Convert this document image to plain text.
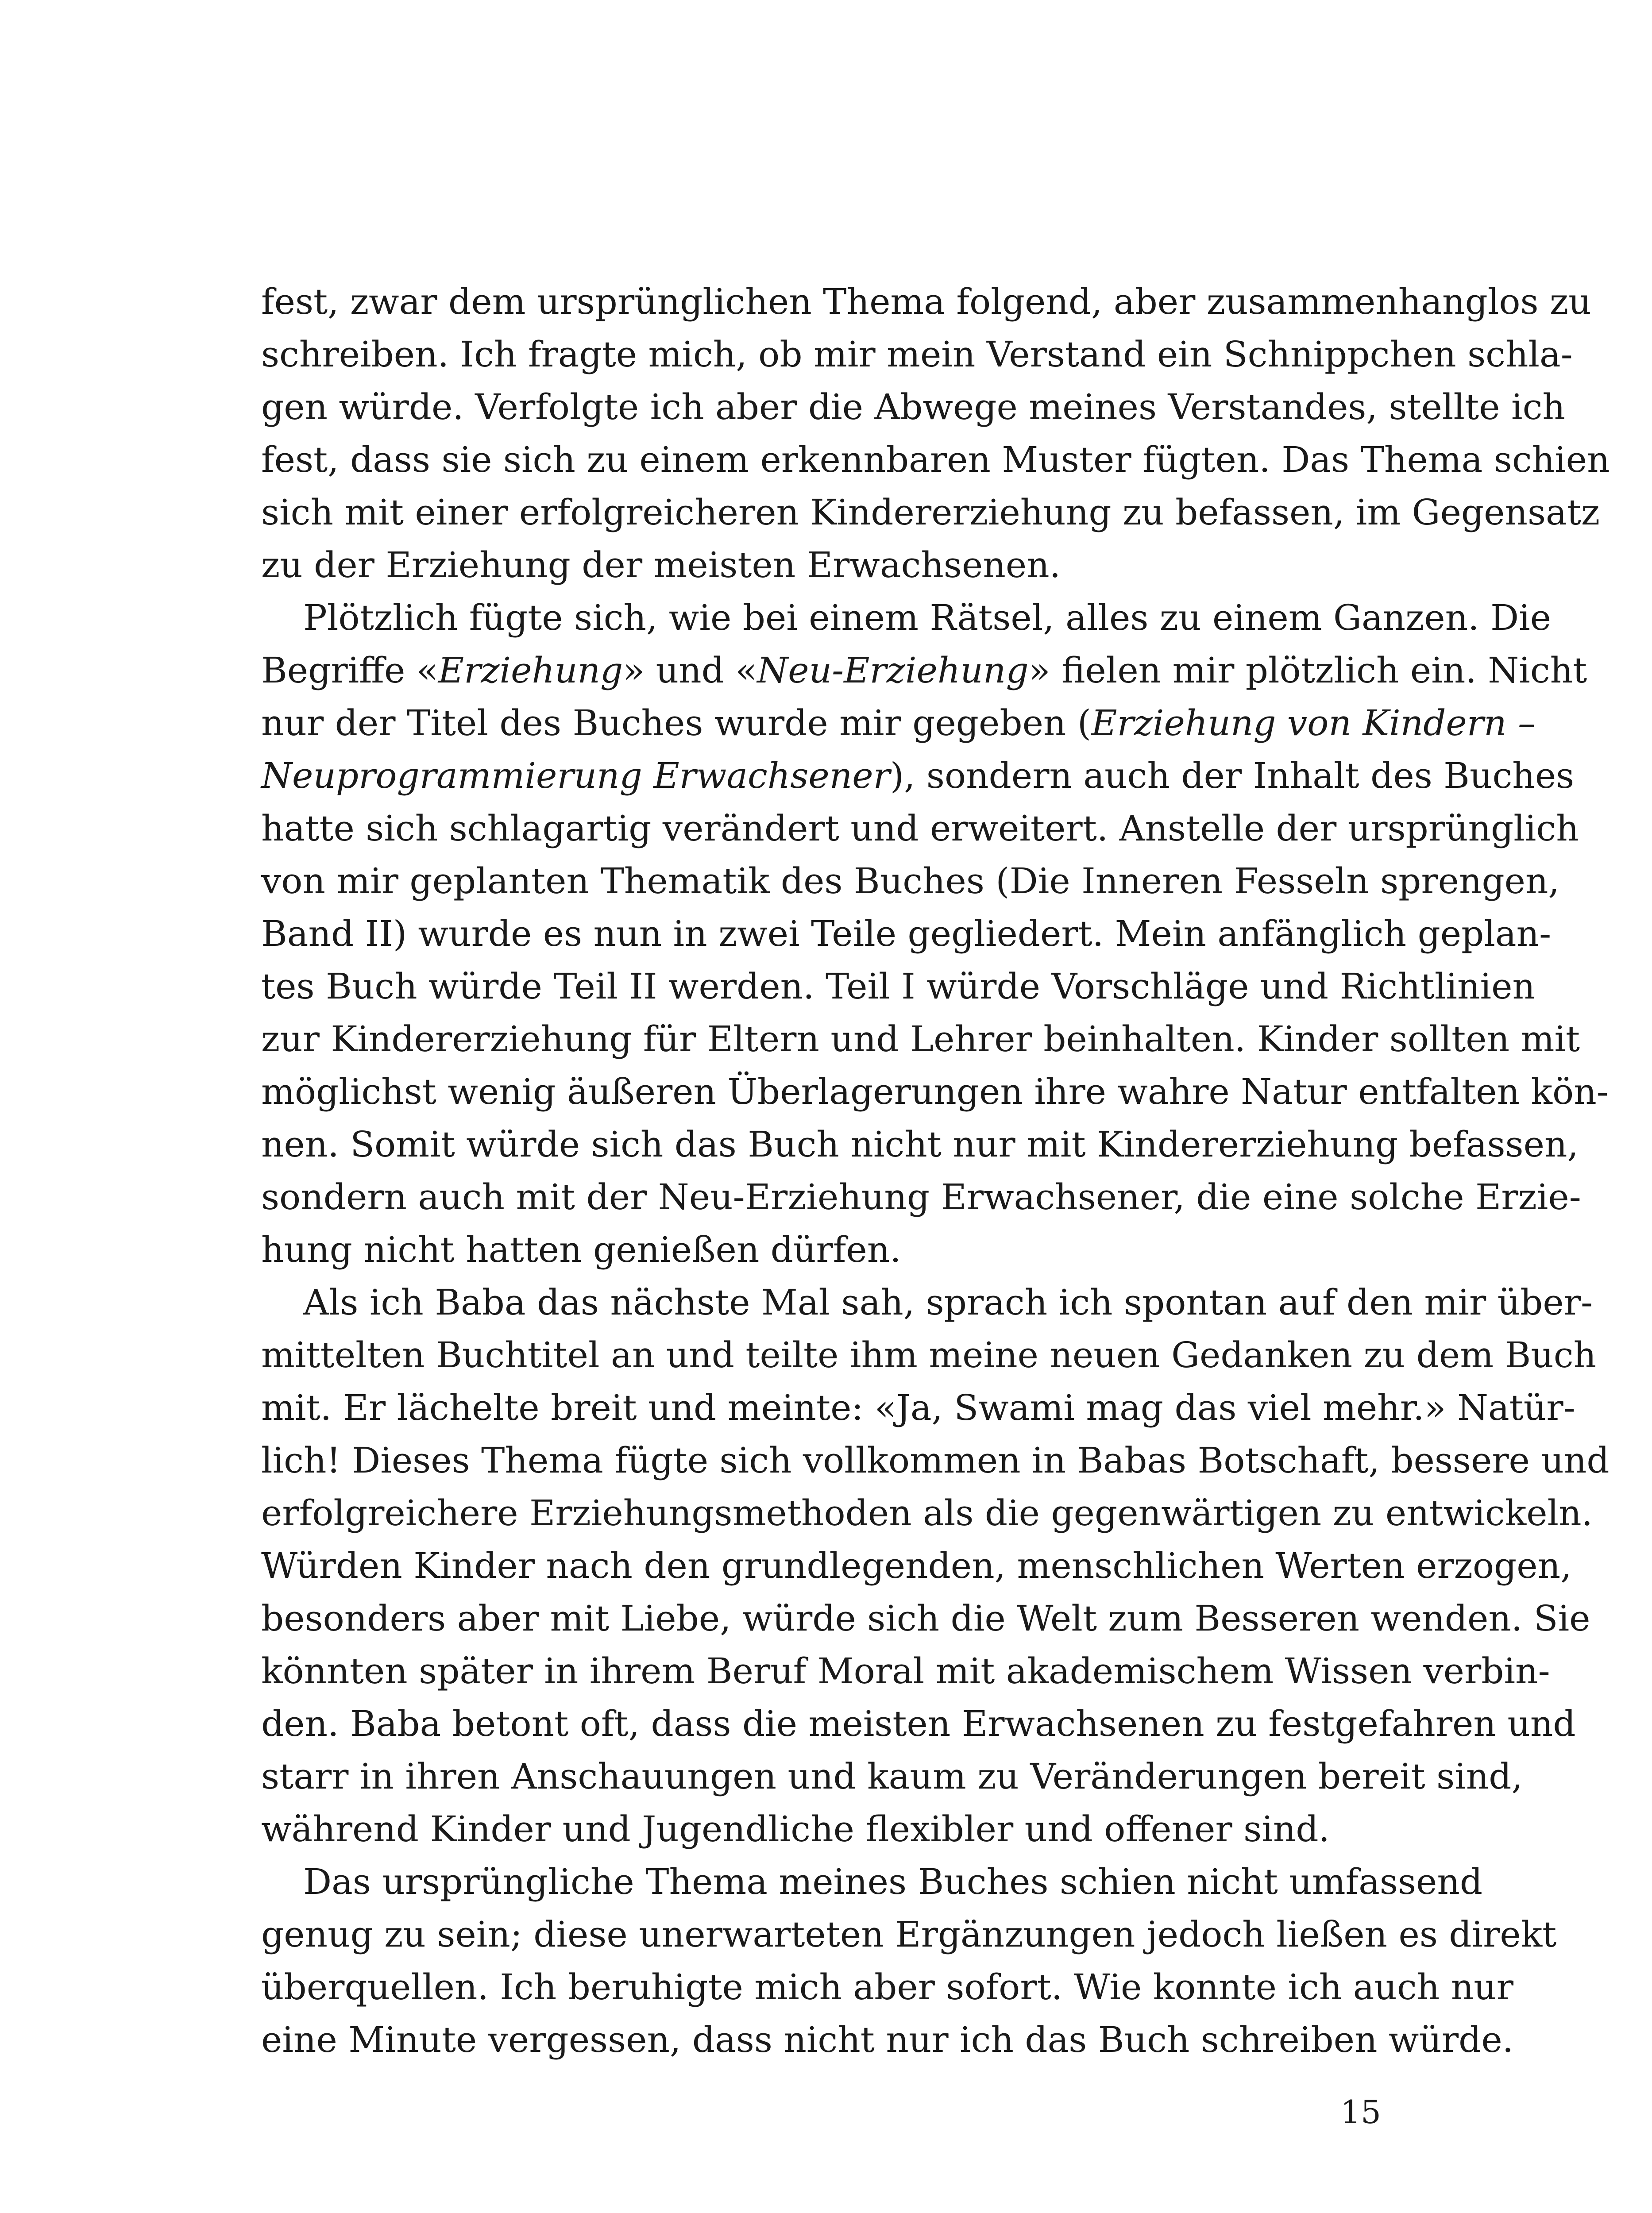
fest, zwar dem ursprünglichen Thema folgend, aber zusammenhanglos zu
schreiben. Ich fragte mich, ob mir mein Verstand ein Schnippchen schla-
gen würde. Verfolgte ich aber die Abwege meines Verstandes, stellte ich
fest, dass sie sich zu einem erkennbaren Muster fügten. Das Thema schien
sich mit einer erfolgreicheren Kindererziehung zu befassen, im Gegensatz
zu der Erziehung der meisten Erwachsenen.
Plötzlich fügte sich, wie bei einem Rätsel, alles zu einem Ganzen. Die
Begriffe «Erziehung» und «Neu-Erziehung» fielen mir plötzlich ein. Nicht
nur der Titel des Buches wurde mir gegeben (Erziehung von Kindern –
Neuprogrammierung Erwachsener), sondern auch der Inhalt des Buches
hatte sich schlagartig verändert und erweitert. Anstelle der ursprünglich
von mir geplanten Thematik des Buches (Die Inneren Fesseln sprengen,
Band II) wurde es nun in zwei Teile gegliedert. Mein anfänglich geplan-
tes Buch würde Teil II werden. Teil I würde Vorschläge und Richtlinien
zur Kindererziehung für Eltern und Lehrer beinhalten. Kinder sollten mit
möglichst wenig äußeren Überlagerungen ihre wahre Natur entfalten kön-
nen. Somit würde sich das Buch nicht nur mit Kindererziehung befassen,
sondern auch mit der Neu-Erziehung Erwachsener, die eine solche Erzie-
hung nicht hatten genießen dürfen.
Als ich Baba das nächste Mal sah, sprach ich spontan auf den mir über-
mittelten Buchtitel an und teilte ihm meine neuen Gedanken zu dem Buch
mit. Er lächelte breit und meinte: «Ja, Swami mag das viel mehr.» Natür-
lich! Dieses Thema fügte sich vollkommen in Babas Botschaft, bessere und
erfolgreichere Erziehungsmethoden als die gegenwärtigen zu entwickeln.
Würden Kinder nach den grundlegenden, menschlichen Werten erzogen,
besonders aber mit Liebe, würde sich die Welt zum Besseren wenden. Sie
könnten später in ihrem Beruf Moral mit akademischem Wissen verbin-
den. Baba betont oft, dass die meisten Erwachsenen zu festgefahren und
starr in ihren Anschauungen und kaum zu Veränderungen bereit sind,
während Kinder und Jugendliche flexibler und offener sind.
Das ursprüngliche Thema meines Buches schien nicht umfassend
genug zu sein; diese unerwarteten Ergänzungen jedoch ließen es direkt
überquellen. Ich beruhigte mich aber sofort. Wie konnte ich auch nur
eine Minute vergessen, dass nicht nur ich das Buch schreiben würde.
15
